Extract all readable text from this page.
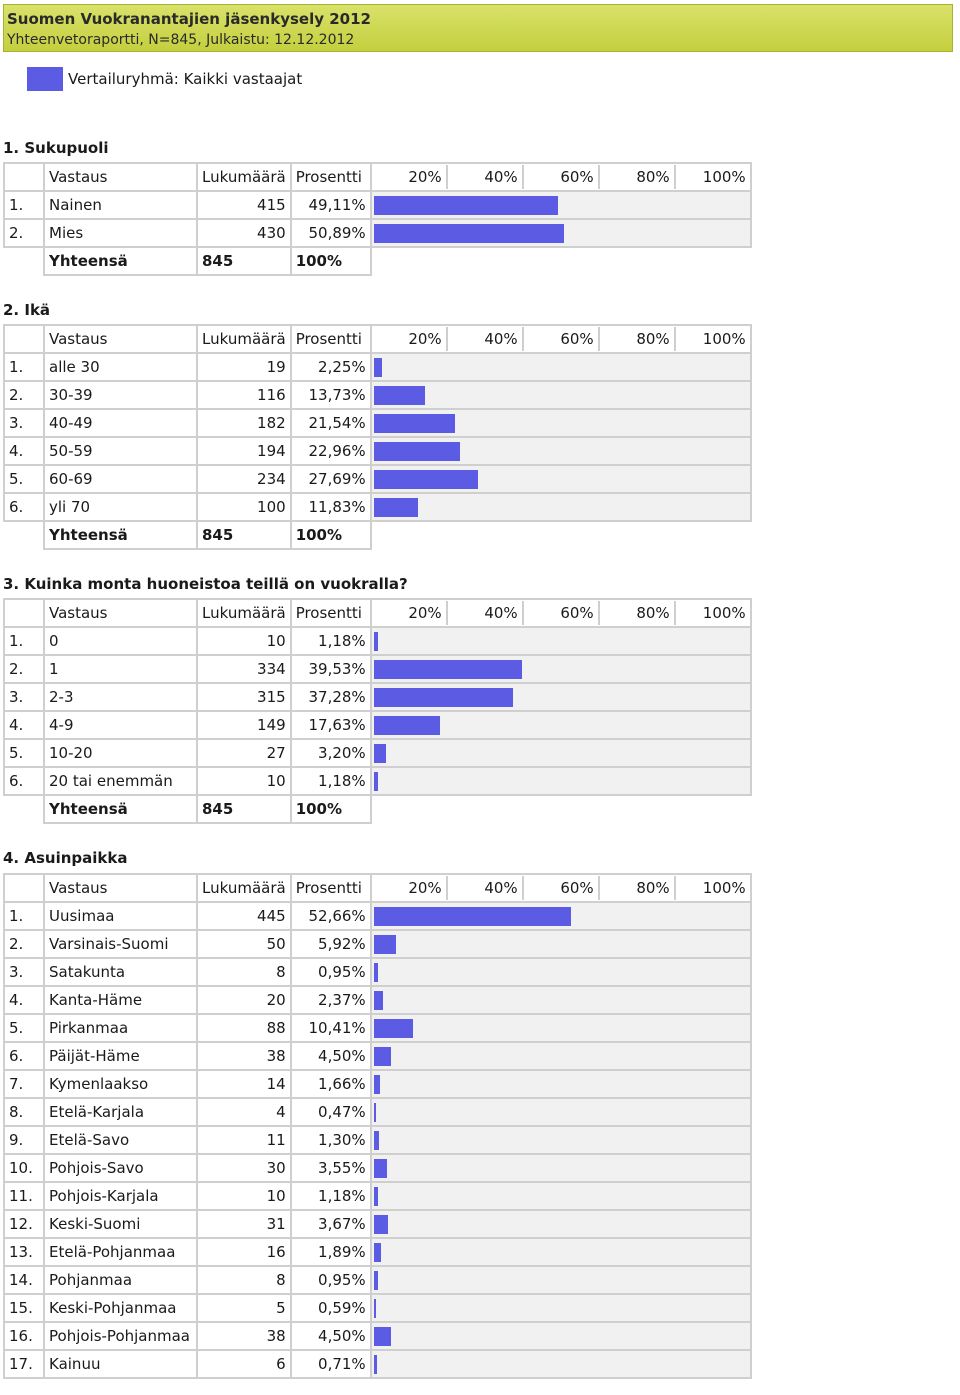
Suomen Vuokranantajien jäsenkysely 2012
Yhteenvetoraportti, N=845, Julkaistu: 12.12.2012
Vertailuryhmä: Kaikki vastaajat
1. Sukupuoli
	Vastaus	Lukumäärä	Prosentti	20% 40% 60% 80% 100%

1.	Nainen	415	49,11%	

2.	Mies	430	50,89%	

	Yhteensä	845	100%	
2. Ikä
	Vastaus	Lukumäärä	Prosentti	20% 40% 60% 80% 100%

1.	alle 30	19	2,25%	

2.	30-39	116	13,73%	

3.	40-49	182	21,54%	

4.	50-59	194	22,96%	

5.	60-69	234	27,69%	

6.	yli 70	100	11,83%	

	Yhteensä	845	100%	
3. Kuinka monta huoneistoa teillä on vuokralla?
	Vastaus	Lukumäärä	Prosentti	20% 40% 60% 80% 100%

1.	0	10	1,18%	

2.	1	334	39,53%	

3.	2-3	315	37,28%	

4.	4-9	149	17,63%	

5.	10-20	27	3,20%	

6.	20 tai enemmän	10	1,18%	

	Yhteensä	845	100%	
4. Asuinpaikka
	Vastaus	Lukumäärä	Prosentti	20% 40% 60% 80% 100%

1.	Uusimaa	445	52,66%	

2.	Varsinais-Suomi	50	5,92%	

3.	Satakunta	8	0,95%	

4.	Kanta-Häme	20	2,37%	

5.	Pirkanmaa	88	10,41%	

6.	Päijät-Häme	38	4,50%	

7.	Kymenlaakso	14	1,66%	

8.	Etelä-Karjala	4	0,47%	

9.	Etelä-Savo	11	1,30%	

10.	Pohjois-Savo	30	3,55%	

11.	Pohjois-Karjala	10	1,18%	

12.	Keski-Suomi	31	3,67%	

13.	Etelä-Pohjanmaa	16	1,89%	

14.	Pohjanmaa	8	0,95%	

15.	Keski-Pohjanmaa	5	0,59%	

16.	Pohjois-Pohjanmaa	38	4,50%	

17.	Kainuu	6	0,71%	
